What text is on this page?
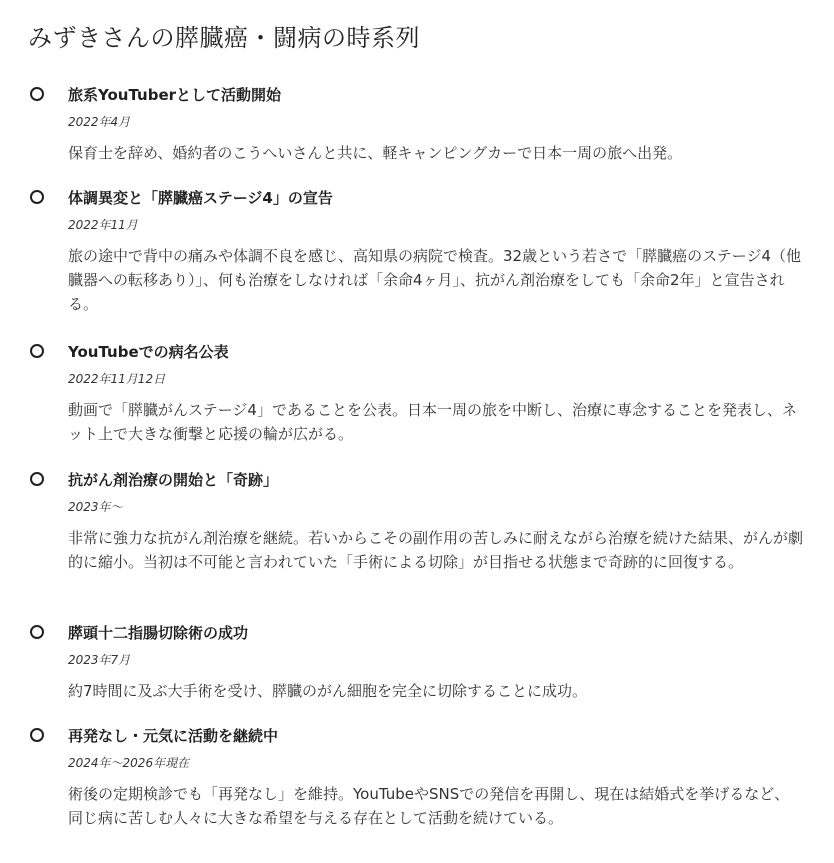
みずきさんの膵臓癌・闘病の時系列
旅系YouTuberとして活動開始
2022年4月

保育士を辞め、婚約者のこうへいさんと共に、軽キャンピングカーで日本一周の旅へ出発。

体調異変と「膵臓癌ステージ4」の宣告
2022年11月

旅の途中で背中の痛みや体調不良を感じ、高知県の病院で検査。32歳という若さで「膵臓癌のステージ4（他臓器への転移あり）」、何も治療をしなければ「余命4ヶ月」、抗がん剤治療をしても「余命2年」と宣告される。

YouTubeでの病名公表
2022年11月12日

動画で「膵臓がんステージ4」であることを公表。日本一周の旅を中断し、治療に専念することを発表し、ネット上で大きな衝撃と応援の輪が広がる。

抗がん剤治療の開始と「奇跡」
2023年～

非常に強力な抗がん剤治療を継続。若いからこその副作用の苦しみに耐えながら治療を続けた結果、がんが劇的に縮小。当初は不可能と言われていた「手術による切除」が目指せる状態まで奇跡的に回復する。

膵頭十二指腸切除術の成功
2023年7月

約7時間に及ぶ大手術を受け、膵臓のがん細胞を完全に切除することに成功。

再発なし・元気に活動を継続中
2024年～2026年現在

術後の定期検診でも「再発なし」を維持。YouTubeやSNSでの発信を再開し、現在は結婚式を挙げるなど、同じ病に苦しむ人々に大きな希望を与える存在として活動を続けている。
